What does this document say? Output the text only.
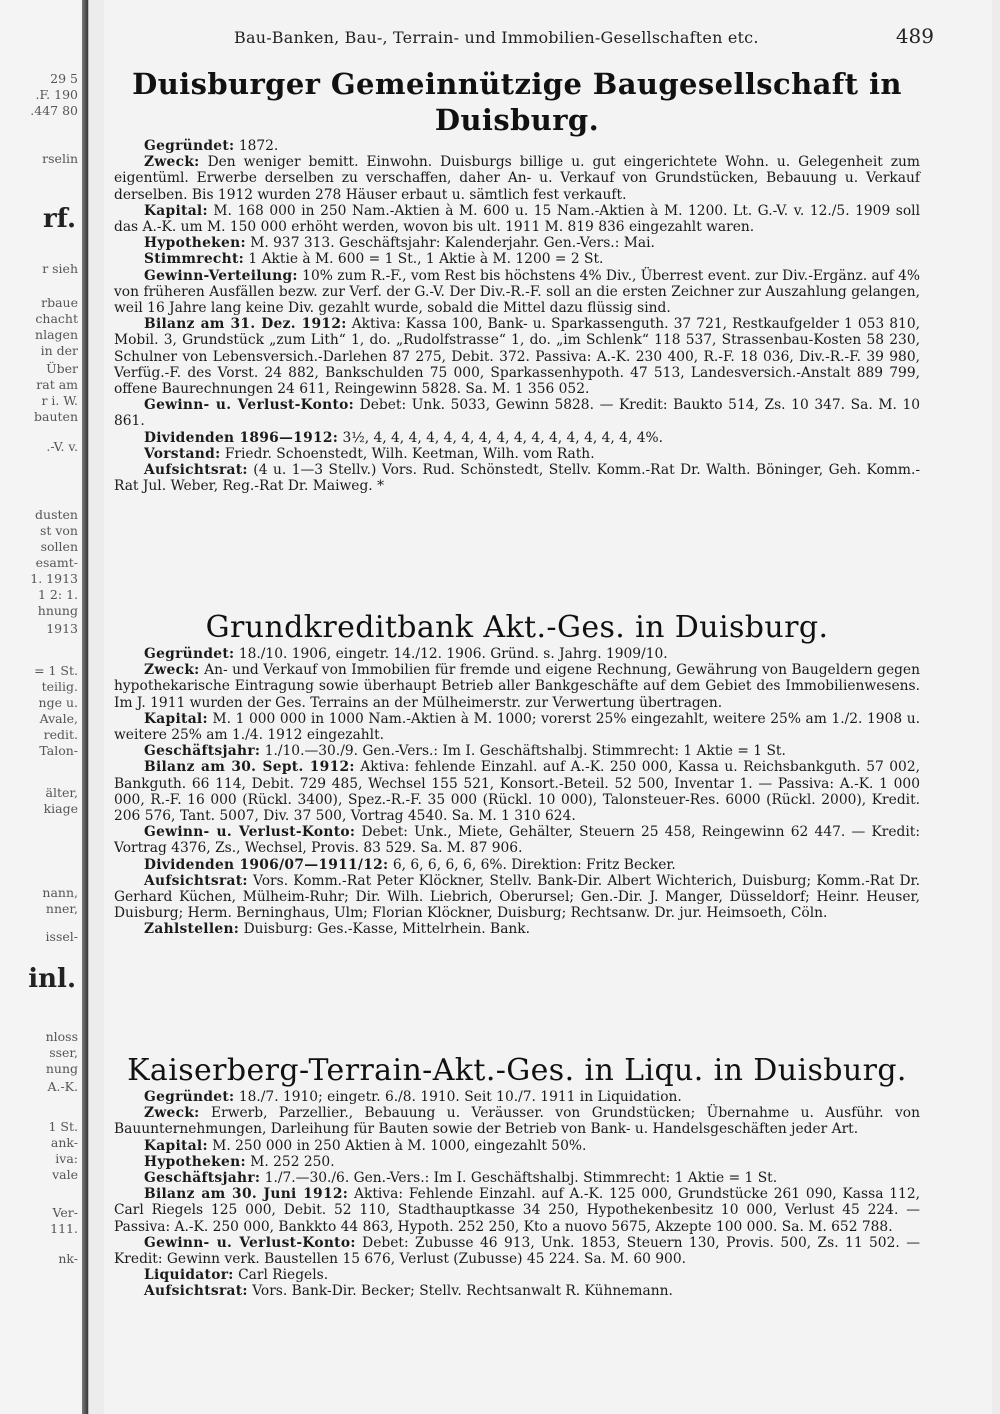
29 5
.F. 190
.447 80
rselin
rf.
r sieh
rbaue
chacht
nlagen
in der
Über
rat am
r i. W.
bauten
.-V. v.
dusten
st von
sollen
esamt-
1. 1913
1 2: 1.
hnung
1913
= 1 St.
teilig.
nge u.
Avale,
redit.
Talon-
älter,
kiage
nann,
nner,
issel-
inl.
nloss
sser,
nung
A.-K.
1 St.
ank-
iva:
vale
Ver-
111.
nk-
Bau-Banken, Bau-, Terrain- und Immobilien-Gesellschaften etc.	489
Duisburger Gemeinnützige Baugesellschaft in Duisburg.

Gegründet: 1872.

Zweck: Den weniger bemitt. Einwohn. Duisburgs billige u. gut eingerichtete Wohn. u. Gelegenheit zum eigentüml. Erwerbe derselben zu verschaffen, daher An- u. Verkauf von Grundstücken, Bebauung u. Verkauf derselben. Bis 1912 wurden 278 Häuser erbaut u. sämtlich fest verkauft.

Kapital: M. 168 000 in 250 Nam.-Aktien à M. 600 u. 15 Nam.-Aktien à M. 1200. Lt. G.-V. v. 12./5. 1909 soll das A.-K. um M. 150 000 erhöht werden, wovon bis ult. 1911 M. 819 836 eingezahlt waren.

Hypotheken: M. 937 313. Geschäftsjahr: Kalenderjahr. Gen.-Vers.: Mai.

Stimmrecht: 1 Aktie à M. 600 = 1 St., 1 Aktie à M. 1200 = 2 St.

Gewinn-Verteilung: 10% zum R.-F., vom Rest bis höchstens 4% Div., Überrest event. zur Div.-Ergänz. auf 4% von früheren Ausfällen bezw. zur Verf. der G.-V. Der Div.-R.-F. soll an die ersten Zeichner zur Auszahlung gelangen, weil 16 Jahre lang keine Div. gezahlt wurde, sobald die Mittel dazu flüssig sind.

Bilanz am 31. Dez. 1912: Aktiva: Kassa 100, Bank- u. Sparkassenguth. 37 721, Restkaufgelder 1 053 810, Mobil. 3, Grundstück „zum Lith“ 1, do. „Rudolfstrasse“ 1, do. „im Schlenk“ 118 537, Strassenbau-Kosten 58 230, Schulner von Lebensversich.-Darlehen 87 275, Debit. 372. Passiva: A.-K. 230 400, R.-F. 18 036, Div.-R.-F. 39 980, Verfüg.-F. des Vorst. 24 882, Bankschulden 75 000, Sparkassenhypoth. 47 513, Landesversich.-Anstalt 889 799, offene Baurechnungen 24 611, Reingewinn 5828. Sa. M. 1 356 052.

Gewinn- u. Verlust-Konto: Debet: Unk. 5033, Gewinn 5828. — Kredit: Baukto 514, Zs. 10 347. Sa. M. 10 861.

Dividenden 1896—1912: 3½, 4, 4, 4, 4, 4, 4, 4, 4, 4, 4, 4, 4, 4, 4, 4, 4%.

Vorstand: Friedr. Schoenstedt, Wilh. Keetman, Wilh. vom Rath.

Aufsichtsrat: (4 u. 1—3 Stellv.) Vors. Rud. Schönstedt, Stellv. Komm.-Rat Dr. Walth. Böninger, Geh. Komm.-Rat Jul. Weber, Reg.-Rat Dr. Maiweg. *

Grundkreditbank Akt.-Ges. in Duisburg.

Gegründet: 18./10. 1906, eingetr. 14./12. 1906. Gründ. s. Jahrg. 1909/10.

Zweck: An- und Verkauf von Immobilien für fremde und eigene Rechnung, Gewährung von Baugeldern gegen hypothekarische Eintragung sowie überhaupt Betrieb aller Bankgeschäfte auf dem Gebiet des Immobilienwesens. Im J. 1911 wurden der Ges. Terrains an der Mülheimerstr. zur Verwertung übertragen.

Kapital: M. 1 000 000 in 1000 Nam.-Aktien à M. 1000; vorerst 25% eingezahlt, weitere 25% am 1./2. 1908 u. weitere 25% am 1./4. 1912 eingezahlt.

Geschäftsjahr: 1./10.—30./9. Gen.-Vers.: Im I. Geschäftshalbj. Stimmrecht: 1 Aktie = 1 St.

Bilanz am 30. Sept. 1912: Aktiva: fehlende Einzahl. auf A.-K. 250 000, Kassa u. Reichsbankguth. 57 002, Bankguth. 66 114, Debit. 729 485, Wechsel 155 521, Konsort.-Beteil. 52 500, Inventar 1. — Passiva: A.-K. 1 000 000, R.-F. 16 000 (Rückl. 3400), Spez.-R.-F. 35 000 (Rückl. 10 000), Talonsteuer-Res. 6000 (Rückl. 2000), Kredit. 206 576, Tant. 5007, Div. 37 500, Vortrag 4540. Sa. M. 1 310 624.

Gewinn- u. Verlust-Konto: Debet: Unk., Miete, Gehälter, Steuern 25 458, Reingewinn 62 447. — Kredit: Vortrag 4376, Zs., Wechsel, Provis. 83 529. Sa. M. 87 906.

Dividenden 1906/07—1911/12: 6, 6, 6, 6, 6, 6%. Direktion: Fritz Becker.

Aufsichtsrat: Vors. Komm.-Rat Peter Klöckner, Stellv. Bank-Dir. Albert Wichterich, Duisburg; Komm.-Rat Dr. Gerhard Küchen, Mülheim-Ruhr; Dir. Wilh. Liebrich, Oberursel; Gen.-Dir. J. Manger, Düsseldorf; Heinr. Heuser, Duisburg; Herm. Berninghaus, Ulm; Florian Klöckner, Duisburg; Rechtsanw. Dr. jur. Heimsoeth, Cöln.

Zahlstellen: Duisburg: Ges.-Kasse, Mittelrhein. Bank.

Kaiserberg-Terrain-Akt.-Ges. in Liqu. in Duisburg.

Gegründet: 18./7. 1910; eingetr. 6./8. 1910. Seit 10./7. 1911 in Liquidation.

Zweck: Erwerb, Parzellier., Bebauung u. Veräusser. von Grundstücken; Übernahme u. Ausführ. von Bauunternehmungen, Darleihung für Bauten sowie der Betrieb von Bank- u. Handelsgeschäften jeder Art.

Kapital: M. 250 000 in 250 Aktien à M. 1000, eingezahlt 50%.

Hypotheken: M. 252 250.

Geschäftsjahr: 1./7.—30./6. Gen.-Vers.: Im I. Geschäftshalbj. Stimmrecht: 1 Aktie = 1 St.

Bilanz am 30. Juni 1912: Aktiva: Fehlende Einzahl. auf A.-K. 125 000, Grundstücke 261 090, Kassa 112, Carl Riegels 125 000, Debit. 52 110, Stadthauptkasse 34 250, Hypothekenbesitz 10 000, Verlust 45 224. — Passiva: A.-K. 250 000, Bankkto 44 863, Hypoth. 252 250, Kto a nuovo 5675, Akzepte 100 000. Sa. M. 652 788.

Gewinn- u. Verlust-Konto: Debet: Zubusse 46 913, Unk. 1853, Steuern 130, Provis. 500, Zs. 11 502. — Kredit: Gewinn verk. Baustellen 15 676, Verlust (Zubusse) 45 224. Sa. M. 60 900.

Liquidator: Carl Riegels.

Aufsichtsrat: Vors. Bank-Dir. Becker; Stellv. Rechtsanwalt R. Kühnemann.
